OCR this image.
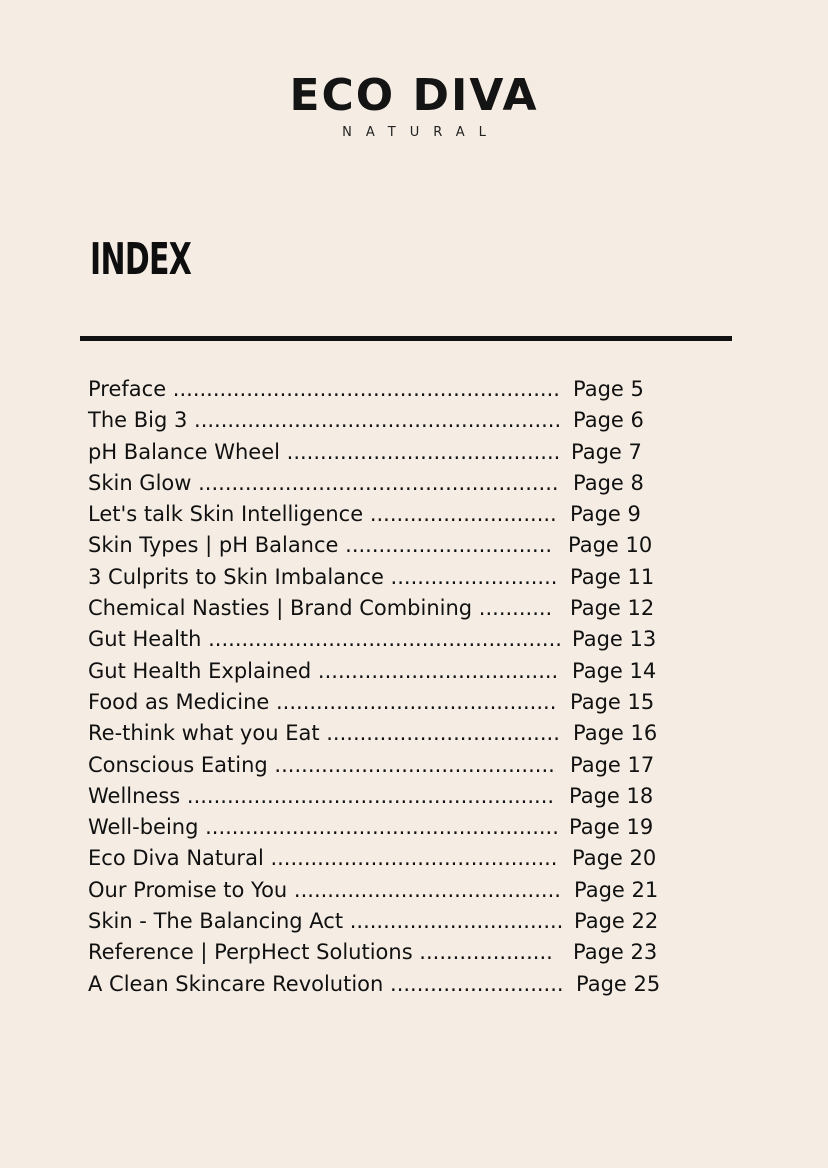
ECO DIVA
NATURAL
INDEX
Preface .......................................................... Page 5
The Big 3 ....................................................... Page 6
pH Balance Wheel ......................................... Page 7
Skin Glow ...................................................... Page 8
Let's talk Skin Intelligence ............................ Page 9
Skin Types | pH Balance ............................... Page 10
3 Culprits to Skin Imbalance ......................... Page 11
Chemical Nasties | Brand Combining ........... Page 12
Gut Health ..................................................... Page 13
Gut Health Explained .................................... Page 14
Food as Medicine .......................................... Page 15
Re-think what you Eat ................................... Page 16
Conscious Eating .......................................... Page 17
Wellness ....................................................... Page 18
Well-being ..................................................... Page 19
Eco Diva Natural ........................................... Page 20
Our Promise to You ........................................ Page 21
Skin - The Balancing Act ................................ Page 22
Reference | PerpHect Solutions .................... Page 23
A Clean Skincare Revolution .......................... Page 25
